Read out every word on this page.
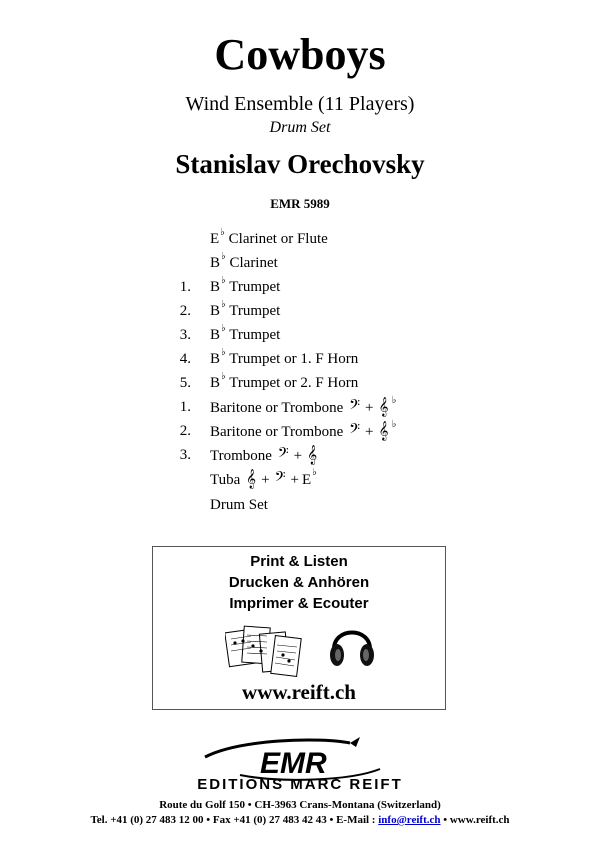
Cowboys
Wind Ensemble (11 Players)
Drum Set
Stanislav Orechovsky
EMR 5989
E♭ Clarinet or Flute
B♭ Clarinet
1. B♭ Trumpet
2. B♭ Trumpet
3. B♭ Trumpet
4. B♭ Trumpet or 1. F Horn
5. B♭ Trumpet or 2. F Horn
1. Baritone or Trombone 𝄢 + 𝄞 ♭
2. Baritone or Trombone 𝄢 + 𝄞 ♭
3. Trombone 𝄢 + 𝄞
Tuba 𝄞 + 𝄢 + E♭
Drum Set
Print & Listen
Drucken & Anhören
Imprimer & Ecouter
www.reift.ch
EMR
EDITIONS MARC REIFT
Route du Golf 150 • CH-3963 Crans-Montana (Switzerland)
Tel. +41 (0) 27 483 12 00 • Fax +41 (0) 27 483 42 43 • E-Mail : info@reift.ch • www.reift.ch
